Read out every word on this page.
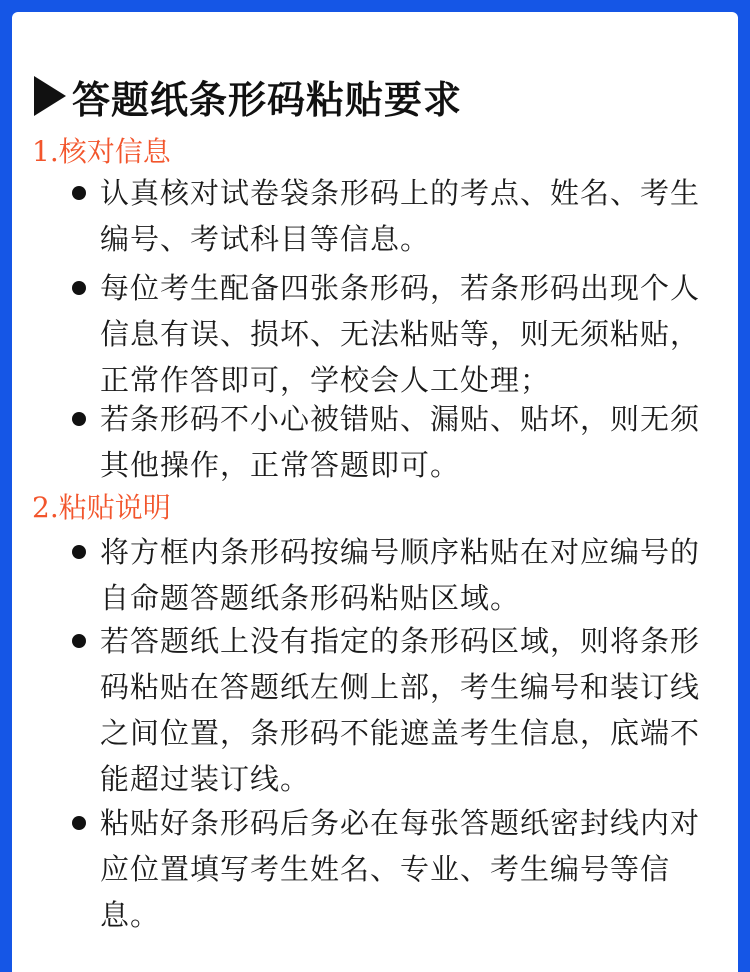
答题纸条形码粘贴要求
1.核对信息
认真核对试卷袋条形码上的考点、姓名、考生编号、考试科目等信息。
每位考生配备四张条形码，若条形码出现个人信息有误、损坏、无法粘贴等，则无须粘贴，正常作答即可，学校会人工处理；
若条形码不小心被错贴、漏贴、贴坏，则无须其他操作，正常答题即可。
2.粘贴说明
将方框内条形码按编号顺序粘贴在对应编号的自命题答题纸条形码粘贴区域。
若答题纸上没有指定的条形码区域，则将条形码粘贴在答题纸左侧上部，考生编号和装订线之间位置，条形码不能遮盖考生信息，底端不能超过装订线。
粘贴好条形码后务必在每张答题纸密封线内对应位置填写考生姓名、专业、考生编号等信息。
